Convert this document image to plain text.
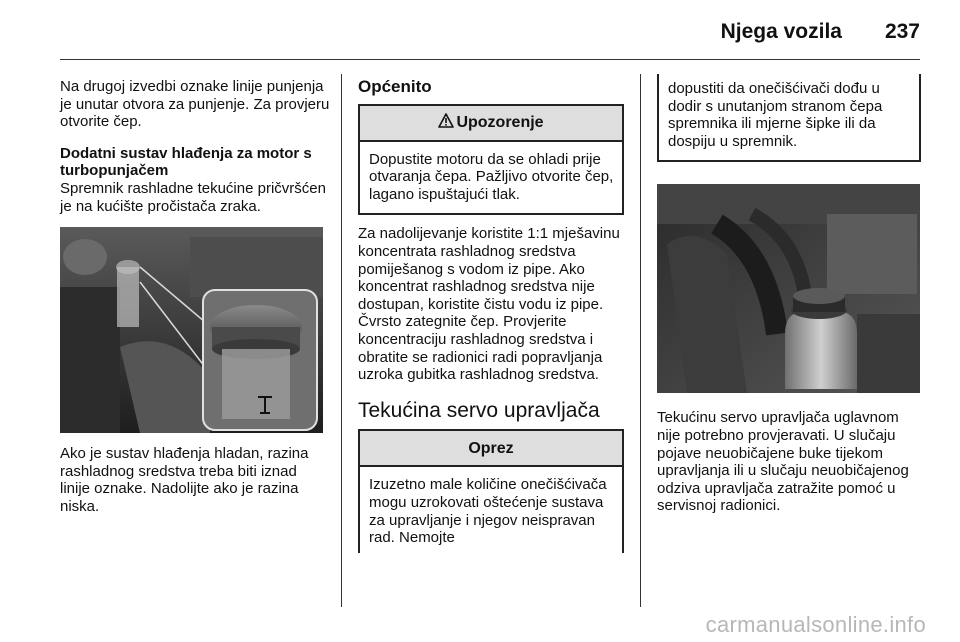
Njega vozila 237

Na drugoj izvedbi oznake linije punjenja je unutar otvora za punjenje. Za provjeru otvorite čep.

Dodatni sustav hlađenja za motor s turbopunjačem

Spremnik rashladne tekućine pričvršćen je na kućište pročistača zraka.

Ako je sustav hlađenja hladan, razina rashladnog sredstva treba biti iznad linije oznake. Nadolijte ako je razina niska.

Općenito

Upozorenje
Dopustite motoru da se ohladi prije otvaranja čepa. Pažljivo otvorite čep, lagano ispuštajući tlak.

Za nadolijevanje koristite 1:1 mješavinu koncentrata rashladnog sredstva pomiješanog s vodom iz pipe. Ako koncentrat rashladnog sredstva nije dostupan, koristite čistu vodu iz pipe. Čvrsto zategnite čep. Provjerite koncentraciju rashladnog sredstva i obratite se radionici radi popravljanja uzroka gubitka rashladnog sredstva.

Tekućina servo upravljača

Oprez
Izuzetno male količine onečišćivača mogu uzrokovati oštećenje sustava za upravljanje i njegov neispravan rad. Nemojte
dopustiti da onečišćivači dođu u dodir s unutanjom stranom čepa spremnika ili mjerne šipke ili da dospiju u spremnik.

Tekućinu servo upravljača uglavnom nije potrebno provjeravati. U slučaju pojave neuobičajene buke tijekom upravljanja ili u slučaju neuobičajenog odziva upravljača zatražite pomoć u servisnoj radionici.

carmanualsonline.info
